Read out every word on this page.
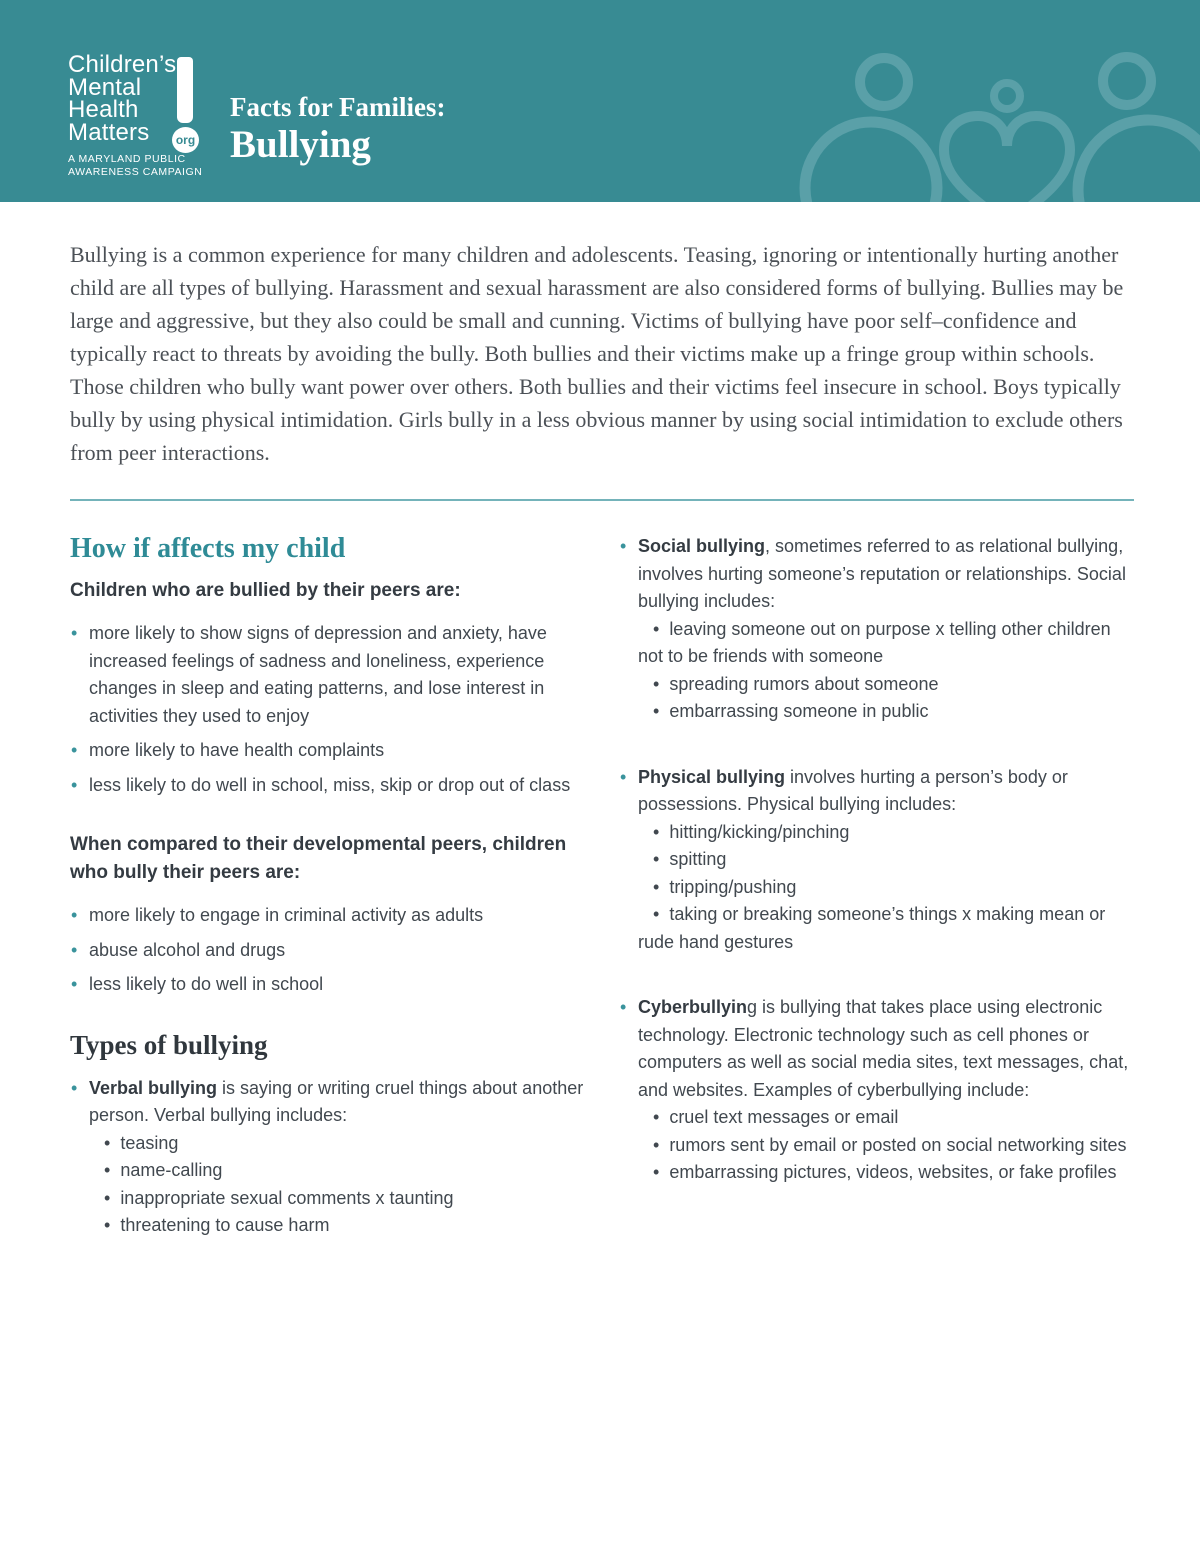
Children’s
Mental
Health
Matters	org
A MARYLAND PUBLIC
AWARENESS CAMPAIGN
Facts for Families:
Bullying

Bullying is a common experience for many children and adolescents. Teasing, ignoring or intentionally hurting another child are all types of bullying. Harassment and sexual harassment are also considered forms of bullying. Bullies may be large and aggressive, but they also could be small and cunning. Victims of bullying have poor self–confidence and typically react to threats by avoiding the bully. Both bullies and their victims make up a fringe group within schools. Those children who bully want power over others. Both bullies and their victims feel insecure in school. Boys typically bully by using physical intimidation. Girls bully in a less obvious manner by using social intimidation to exclude others from peer interactions.

How if affects my child

Children who are bullied by their peers are:

• more likely to show signs of depression and anxiety, have increased feelings of sadness and loneliness, experience changes in sleep and eating patterns, and lose interest in activities they used to enjoy
• more likely to have health complaints
• less likely to do well in school, miss, skip or drop out of class

When compared to their developmental peers, children who bully their peers are:

• more likely to engage in criminal activity as adults
• abuse alcohol and drugs
• less likely to do well in school
Types of bullying
• Verbal bullying is saying or writing cruel things about another person. Verbal bullying includes:
•  teasing
•  name-calling
•  inappropriate sexual comments x taunting
•  threatening to cause harm
• Social bullying, sometimes referred to as relational bullying, involves hurting someone’s reputation or relationships. Social bullying includes:
•  leaving someone out on purpose x telling other children not to be friends with someone
•  spreading rumors about someone
•  embarrassing someone in public
• Physical bullying involves hurting a person’s body or possessions. Physical bullying includes:
•  hitting/kicking/pinching
•  spitting
•  tripping/pushing
•  taking or breaking someone’s things x making mean or rude hand gestures
• Cyberbullying is bullying that takes place using electronic technology. Electronic technology such as cell phones or computers as well as social media sites, text messages, chat, and websites. Examples of cyberbullying include:
•  cruel text messages or email
•  rumors sent by email or posted on social networking sites
•  embarrassing pictures, videos, websites, or fake profiles
